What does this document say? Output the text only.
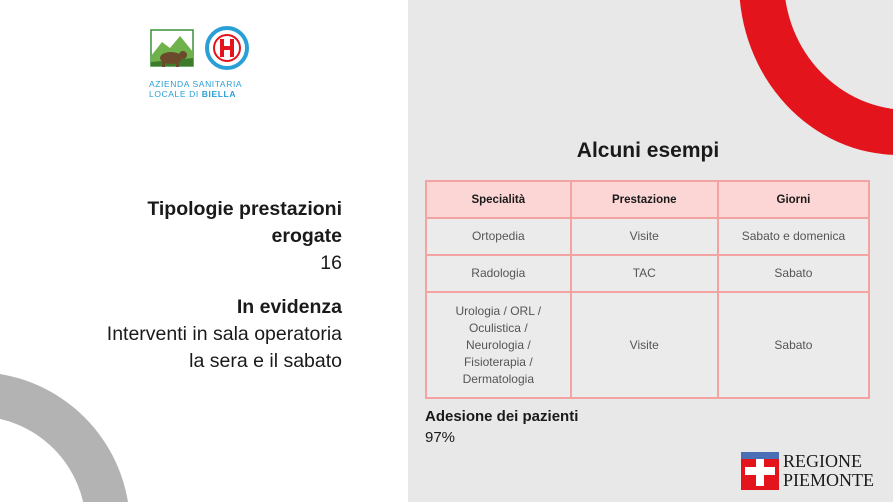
AZIENDA SANITARIA
LOCALE DI BIELLA
Tipologie prestazioni erogate
16
In evidenza
Interventi in sala operatoria la sera e il sabato
Alcuni esempi
Specialità	Prestazione	Giorni
Ortopedia	Visite	Sabato e domenica
Radologia	TAC	Sabato
Urologia / ORL / Oculistica / Neurologia / Fisioterapia / Dermatologia	Visite	Sabato
Adesione dei pazienti
97%
REGIONE
PIEMONTE
